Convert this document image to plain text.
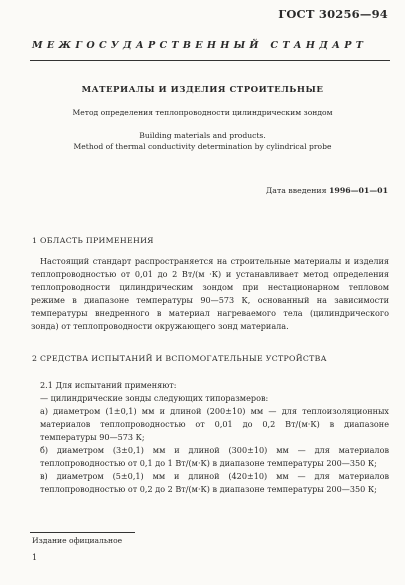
ГОСТ 30256—94
МЕЖГОСУДАРСТВЕННЫЙ СТАНДАРТ
МАТЕРИАЛЫ И ИЗДЕЛИЯ СТРОИТЕЛЬНЫЕ
Метод определения теплопроводности цилиндрическим зондом
Building materials and products.
Method of thermal conductivity determination by cylindrical probe
Дата введения 1996—01—01
1 ОБЛАСТЬ ПРИМЕНЕНИЯ
Настоящий стандарт распространяется на строительные материалы и изделия теплопроводностью от 0,01 до 2 Вт/(м ·К) и устанавливает метод определения теплопроводности цилиндрическим зондом при нестационарном тепловом режиме в диапазоне температуры 90—573 К, основанный на зависимости температуры внедренного в материал нагреваемого тела (цилиндрического зонда) от теплопроводности окружающего зонд материала.
2 СРЕДСТВА ИСПЫТАНИЙ И ВСПОМОГАТЕЛЬНЫЕ УСТРОЙСТВА
2.1 Для испытаний применяют:
— цилиндрические зонды следующих типоразмеров:
а) диаметром (1±0,1) мм и длиной (200±10) мм — для теплоизоляционных материалов теплопроводностью от 0,01 до 0,2 Вт/(м·К) в диапазоне температуры 90—573 К;
б) диаметром (3±0,1) мм и длиной (300±10) мм — для материалов теплопроводностью от 0,1 до 1 Вт/(м·К) в диапазоне температуры 200—350 К;
в) диаметром (5±0,1) мм и длиной (420±10) мм — для материалов теплопроводностью от 0,2 до 2 Вт/(м·К) в диапазоне температуры 200—350 К;
Издание официальное
1
